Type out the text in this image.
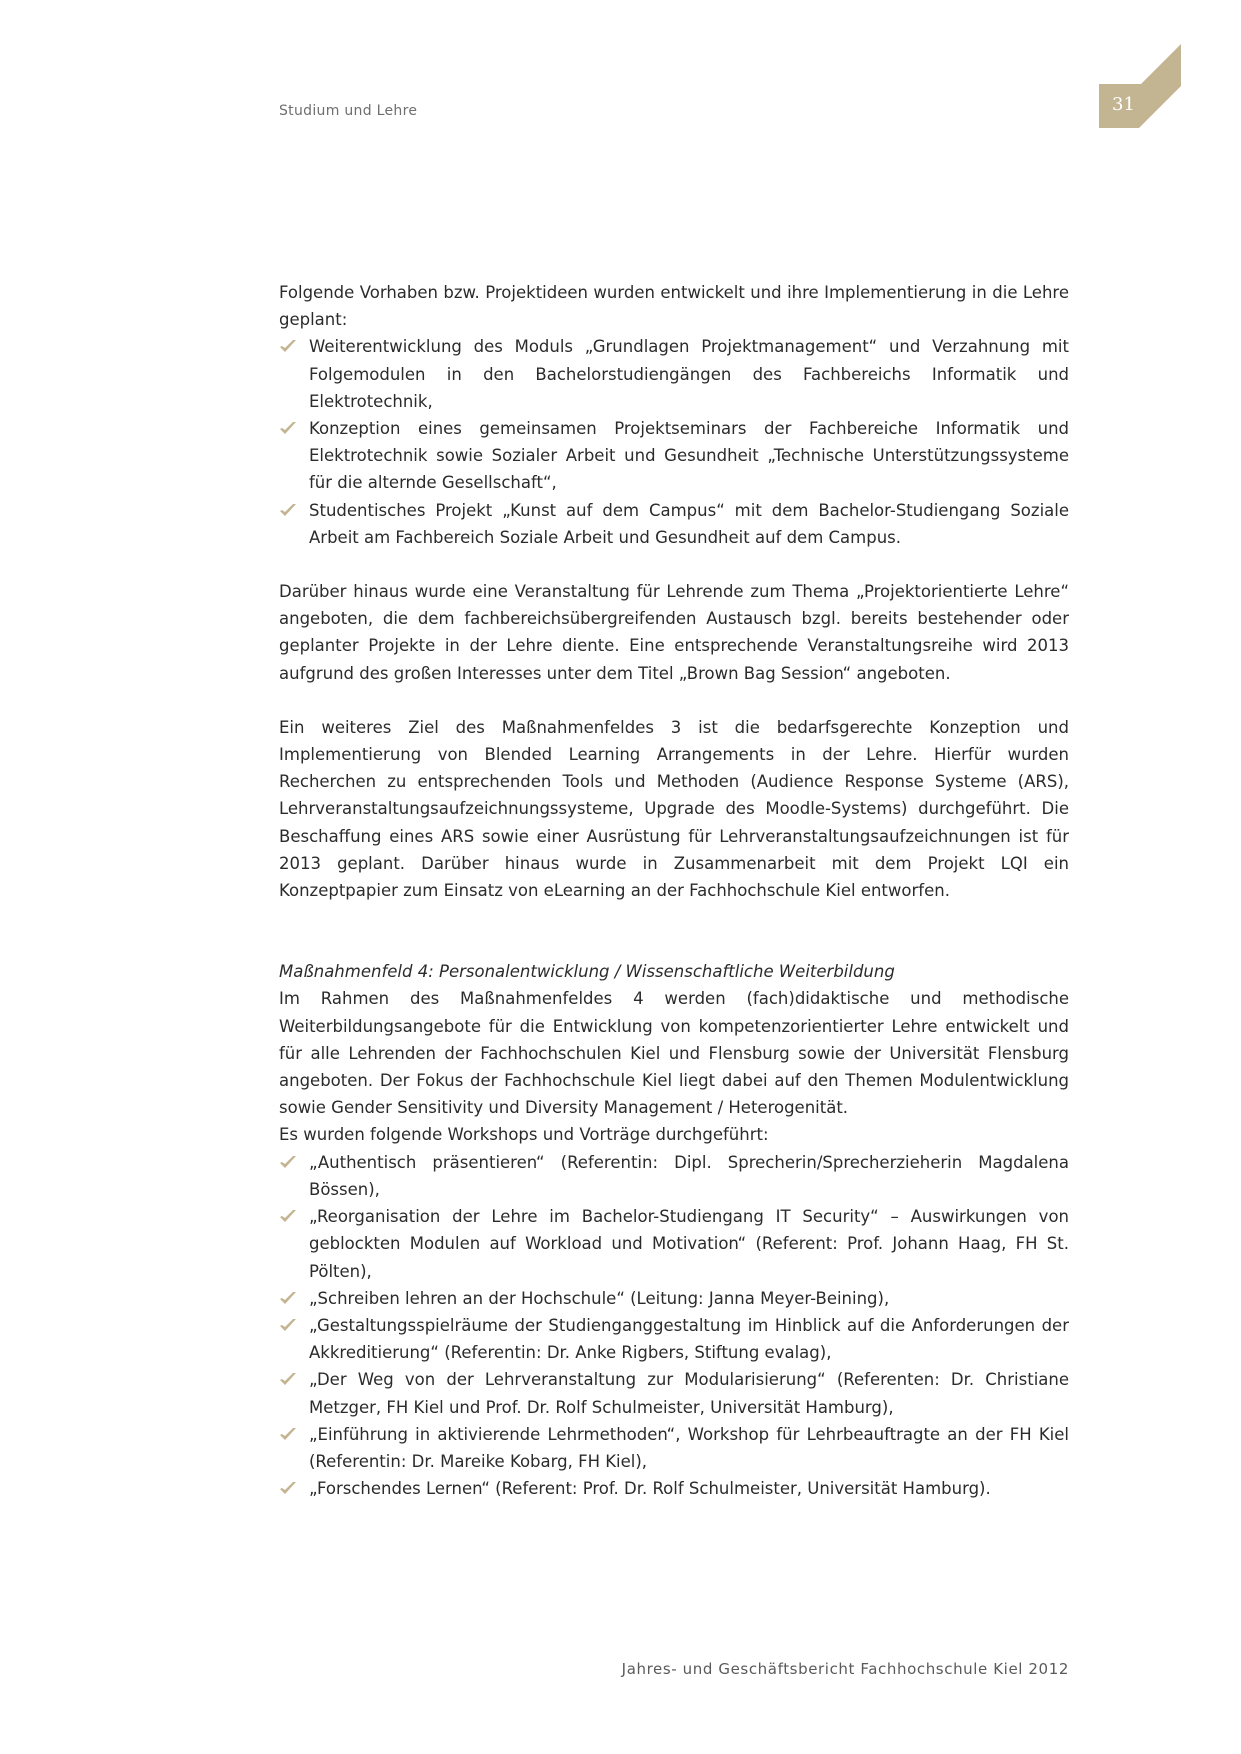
Studium und Lehre	31

Folgende Vorhaben bzw. Projektideen wurden entwickelt und ihre Implementierung in die Lehre geplant:

Weiterentwicklung des Moduls „Grundlagen Projektmanagement“ und Verzahnung mit Folgemodulen in den Bachelorstudiengängen des Fachbereichs Informatik und Elektrotechnik,
Konzeption eines gemeinsamen Projektseminars der Fachbereiche Informatik und Elektrotechnik sowie Sozialer Arbeit und Gesundheit „Technische Unterstützungssysteme für die alternde Gesellschaft“,
Studentisches Projekt „Kunst auf dem Campus“ mit dem Bachelor-Studiengang Soziale Arbeit am Fachbereich Soziale Arbeit und Gesundheit auf dem Campus.

Darüber hinaus wurde eine Veranstaltung für Lehrende zum Thema „Projektorientierte Lehre“ angeboten, die dem fachbereichsübergreifenden Austausch bzgl. bereits bestehender oder geplanter Projekte in der Lehre diente. Eine entsprechende Veranstaltungsreihe wird 2013 aufgrund des großen Interesses unter dem Titel „Brown Bag Session“ angeboten.

Ein weiteres Ziel des Maßnahmenfeldes 3 ist die bedarfsgerechte Konzeption und Implementierung von Blended Learning Arrangements in der Lehre. Hierfür wurden Recherchen zu entsprechenden Tools und Methoden (Audience Response Systeme (ARS), Lehrveranstaltungsaufzeichnungssysteme, Upgrade des Moodle-Systems) durchgeführt. Die Beschaffung eines ARS sowie einer Ausrüstung für Lehrveranstaltungsaufzeichnungen ist für 2013 geplant. Darüber hinaus wurde in Zusammenarbeit mit dem Projekt LQI ein Konzeptpapier zum Einsatz von eLearning an der Fachhochschule Kiel entworfen.

Maßnahmenfeld 4: Personalentwicklung / Wissenschaftliche Weiterbildung

Im Rahmen des Maßnahmenfeldes 4 werden (fach)didaktische und methodische Weiterbildungsangebote für die Entwicklung von kompetenzorientierter Lehre entwickelt und für alle Lehrenden der Fachhochschulen Kiel und Flensburg sowie der Universität Flensburg angeboten. Der Fokus der Fachhochschule Kiel liegt dabei auf den Themen Modulentwicklung sowie Gender Sensitivity und Diversity Management / Heterogenität.

Es wurden folgende Workshops und Vorträge durchgeführt:

„Authentisch präsentieren“ (Referentin: Dipl. Sprecherin/Sprecherzieherin Magdalena Bössen),
„Reorganisation der Lehre im Bachelor-Studiengang IT Security“ – Auswirkungen von geblockten Modulen auf Workload und Motivation“ (Referent: Prof. Johann Haag, FH St. Pölten),
„Schreiben lehren an der Hochschule“ (Leitung: Janna Meyer-Beining),
„Gestaltungsspielräume der Studienganggestaltung im Hinblick auf die Anforderungen der Akkreditierung“ (Referentin: Dr. Anke Rigbers, Stiftung evalag),
„Der Weg von der Lehrveranstaltung zur Modularisierung“ (Referenten: Dr. Christiane Metzger, FH Kiel und Prof. Dr. Rolf Schulmeister, Universität Hamburg),
„Einführung in aktivierende Lehrmethoden“, Workshop für Lehrbeauftragte an der FH Kiel (Referentin: Dr. Mareike Kobarg, FH Kiel),
„Forschendes Lernen“ (Referent: Prof. Dr. Rolf Schulmeister, Universität Hamburg).
Jahres- und Geschäftsbericht Fachhochschule Kiel 2012
